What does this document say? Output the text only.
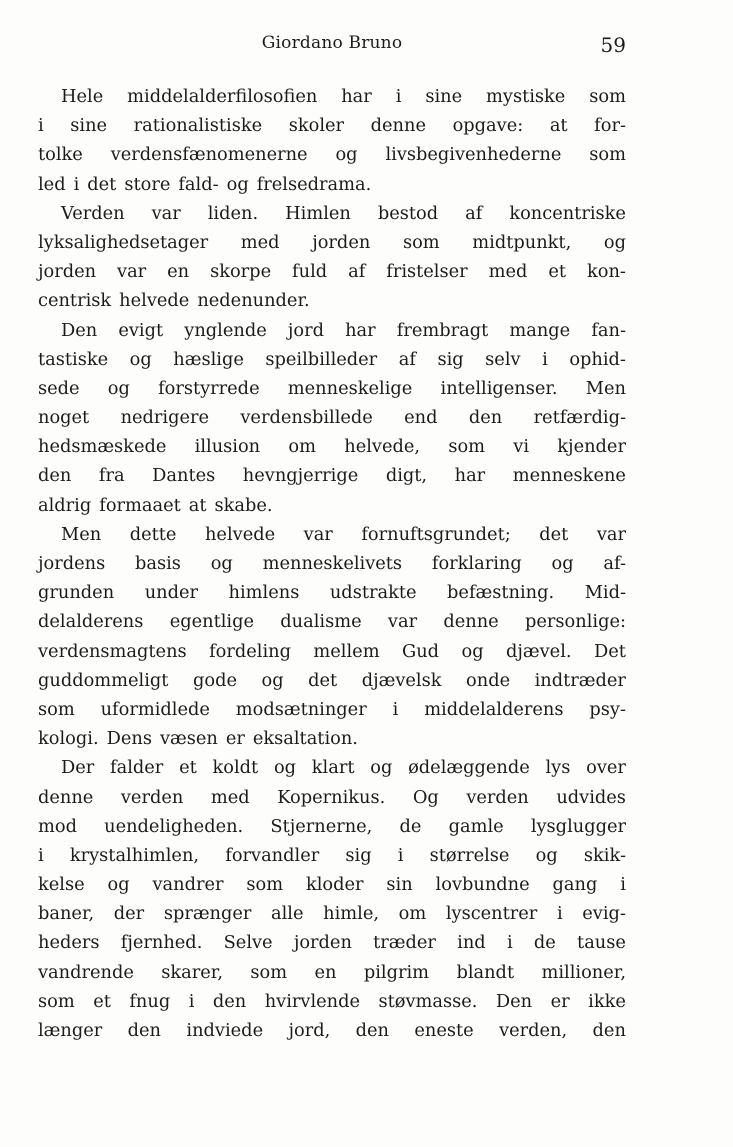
Giordano Bruno	59
Hele middelalderfilosofien har i sine mystiske som
i sine rationalistiske skoler denne opgave: at for-
tolke verdensfænomenerne og livsbegivenhederne som
led i det store fald- og frelsedrama.
Verden var liden. Himlen bestod af koncentriske
lyksalighedsetager med jorden som midtpunkt, og
jorden var en skorpe fuld af fristelser med et kon-
centrisk helvede nedenunder.
Den evigt ynglende jord har frembragt mange fan-
tastiske og hæslige speilbilleder af sig selv i ophid-
sede og forstyrrede menneskelige intelligenser. Men
noget nedrigere verdensbillede end den retfærdig-
hedsmæskede illusion om helvede, som vi kjender
den fra Dantes hevngjerrige digt, har menneskene
aldrig formaaet at skabe.
Men dette helvede var fornuftsgrundet; det var
jordens basis og menneskelivets forklaring og af-
grunden under himlens udstrakte befæstning. Mid-
delalderens egentlige dualisme var denne personlige:
verdensmagtens fordeling mellem Gud og djævel. Det
guddommeligt gode og det djævelsk onde indtræder
som uformidlede modsætninger i middelalderens psy-
kologi. Dens væsen er eksaltation.
Der falder et koldt og klart og ødelæggende lys over
denne verden med Kopernikus. Og verden udvides
mod uendeligheden. Stjernerne, de gamle lysglugger
i krystalhimlen, forvandler sig i størrelse og skik-
kelse og vandrer som kloder sin lovbundne gang i
baner, der sprænger alle himle, om lyscentrer i evig-
heders fjernhed. Selve jorden træder ind i de tause
vandrende skarer, som en pilgrim blandt millioner,
som et fnug i den hvirvlende støvmasse. Den er ikke
længer den indviede jord, den eneste verden, den
